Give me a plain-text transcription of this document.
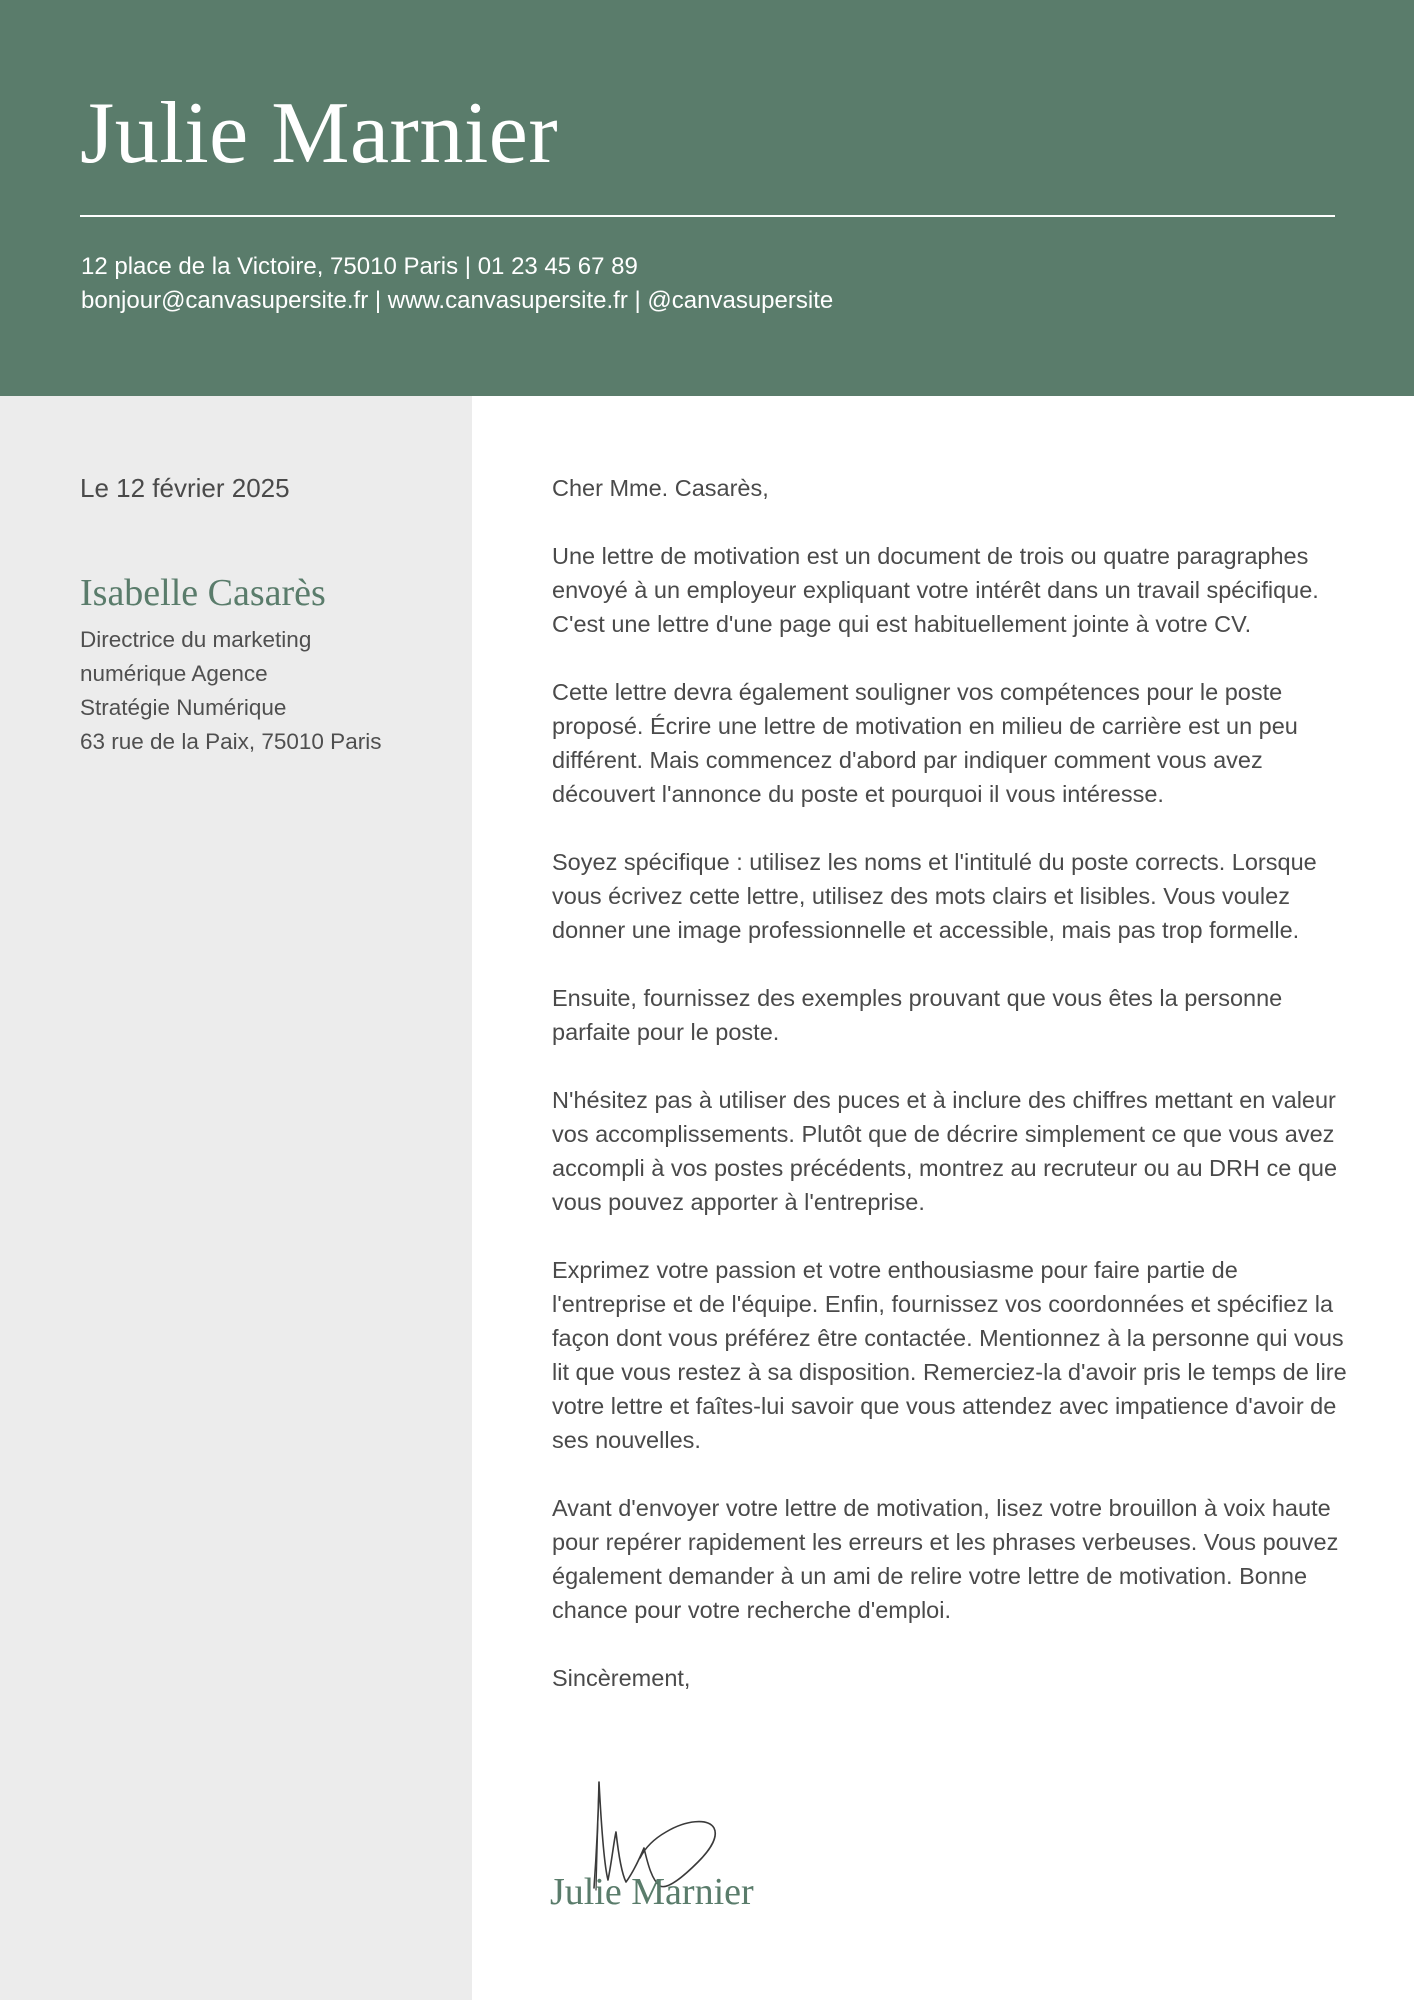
Julie Marnier
12 place de la Victoire, 75010 Paris | 01 23 45 67 89
bonjour@canvasupersite.fr | www.canvasupersite.fr | @canvasupersite
Le 12 février 2025
Isabelle Casarès
Directrice du marketing
numérique Agence
Stratégie Numérique
63 rue de la Paix, 75010 Paris

Cher Mme. Casarès,

Une lettre de motivation est un document de trois ou quatre paragraphes envoyé à un employeur expliquant votre intérêt dans un travail spécifique. C'est une lettre d'une page qui est habituellement jointe à votre CV.

Cette lettre devra également souligner vos compétences pour le poste proposé. Écrire une lettre de motivation en milieu de carrière est un peu différent. Mais commencez d'abord par indiquer comment vous avez découvert l'annonce du poste et pourquoi il vous intéresse.

Soyez spécifique : utilisez les noms et l'intitulé du poste corrects. Lorsque vous écrivez cette lettre, utilisez des mots clairs et lisibles. Vous voulez donner une image professionnelle et accessible, mais pas trop formelle.

Ensuite, fournissez des exemples prouvant que vous êtes la personne parfaite pour le poste.

N'hésitez pas à utiliser des puces et à inclure des chiffres mettant en valeur vos accomplissements. Plutôt que de décrire simplement ce que vous avez accompli à vos postes précédents, montrez au recruteur ou au DRH ce que vous pouvez apporter à l'entreprise.

Exprimez votre passion et votre enthousiasme pour faire partie de l'entreprise et de l'équipe. Enfin, fournissez vos coordonnées et spécifiez la façon dont vous préférez être contactée. Mentionnez à la personne qui vous lit que vous restez à sa disposition. Remerciez-la d'avoir pris le temps de lire votre lettre et faîtes-lui savoir que vous attendez avec impatience d'avoir de ses nouvelles.

Avant d'envoyer votre lettre de motivation, lisez votre brouillon à voix haute pour repérer rapidement les erreurs et les phrases verbeuses. Vous pouvez également demander à un ami de relire votre lettre de motivation. Bonne chance pour votre recherche d'emploi.

Sincèrement,

Julie Marnier
